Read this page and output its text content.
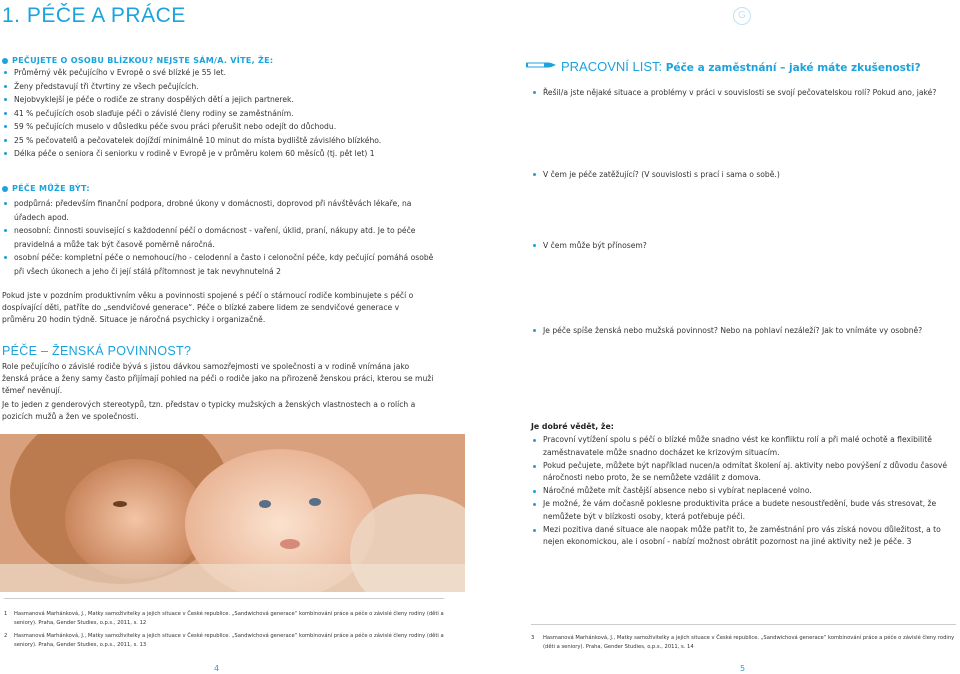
1. PÉČE A PRÁCE	G
PEČUJETE O OSOBU BLÍZKOU? NEJSTE SÁM/A. VÍTE, ŽE:
Průměrný věk pečujícího v Evropě o své blízké je 55 let.
Ženy představují tři čtvrtiny ze všech pečujících.
Nejobvyklejší je péče o rodiče ze strany dospělých dětí a jejich partnerek.
41 % pečujících osob slaďuje péči o závislé členy rodiny se zaměstnáním.
59 % pečujících muselo v důsledku péče svou práci přerušit nebo odejít do důchodu.
25 % pečovatelů a pečovatelek dojíždí minimálně 10 minut do místa bydliště závislého blízkého.
Délka péče o seniora či seniorku v rodině v Evropě je v průměru kolem 60 měsíců (tj. pět let) 1
PÉČE MŮŽE BÝT:
podpůrná: především finanční podpora, drobné úkony v domácnosti, doprovod při návštěvách lékaře, na úřadech apod.
neosobní: činnosti související s každodenní péčí o domácnost - vaření, úklid, praní, nákupy atd. Je to péče pravidelná a může tak být časově poměrně náročná.
osobní péče: kompletní péče o nemohoucí/ho - celodenní a často i celonoční péče, kdy pečující pomáhá osobě při všech úkonech a jeho či její stálá přítomnost je tak nevyhnutelná 2
Pokud jste v pozdním produktivním věku a povinnosti spojené s péčí o stárnoucí rodiče kombinujete s péčí o dospívající děti, patříte do „sendvičové generace“. Péče o blízké zabere lidem ze sendvičové generace v průměru 20 hodin týdně. Situace je náročná psychicky i organizačně.
PÉČE – ŽENSKÁ POVINNOST?
Role pečujícího o závislé rodiče bývá s jistou dávkou samozřejmosti ve společnosti a v rodině vnímána jako ženská práce a ženy samy často přijímají pohled na péči o rodiče jako na přirozeně ženskou práci, kterou se muži těmeř nevěnují.
Je to jeden z genderových stereotypů, tzn. představ o typicky mužských a ženských vlastnostech a o rolích a pozicích mužů a žen ve společnosti.
1	Hasmanová Marhánková, J., Matky samoživitelky a jejich situace v České republice. „Sandwichová generace“ kombinování práce a péče o závislé členy rodiny (děti a seniory). Praha, Gender Studies, o.p.s., 2011, s. 12
2	Hasmanová Marhánková, J., Matky samoživitelky a jejich situace v České republice. „Sandwichová generace“ kombinování práce a péče o závislé členy rodiny (děti a seniory). Praha, Gender Studies, o.p.s., 2011, s. 13
4
PRACOVNÍ LIST: Péče a zaměstnání – jaké máte zkušenosti?
Řešil/a jste nějaké situace a problémy v práci v souvislosti se svojí pečovatelskou rolí? Pokud ano, jaké?
V čem je péče zatěžující? (V souvislosti s prací i sama o sobě.)
V čem může být přínosem?
Je péče spíše ženská nebo mužská povinnost? Nebo na pohlaví nezáleží? Jak to vnímáte vy osobně?
Je dobré vědět, že:
Pracovní vytížení spolu s péčí o blízké může snadno vést ke konfliktu rolí a při malé ochotě a flexibilitě zaměstnavatele může snadno docházet ke krizovým situacím.
Pokud pečujete, můžete být například nucen/a odmítat školení aj. aktivity nebo povýšení z důvodu časové náročnosti nebo proto, že se nemůžete vzdálit z domova.
Náročné můžete mít častější absence nebo si vybírat neplacené volno.
Je možné, že vám dočasně poklesne produktivita práce a budete nesoustředění, bude vás stresovat, že nemůžete být v blízkosti osoby, která potřebuje péči.
Mezi pozitiva dané situace ale naopak může patřit to, že zaměstnání pro vás získá novou důležitost, a to nejen ekonomickou, ale i osobní - nabízí možnost obrátit pozornost na jiné aktivity než je péče. 3
3	Hasmanová Marhánková, J., Matky samoživitelky a jejich situace v České republice. „Sandwichová generace“ kombinování práce a péče o závislé členy rodiny (děti a seniory). Praha, Gender Studies, o.p.s., 2011, s. 14
5
